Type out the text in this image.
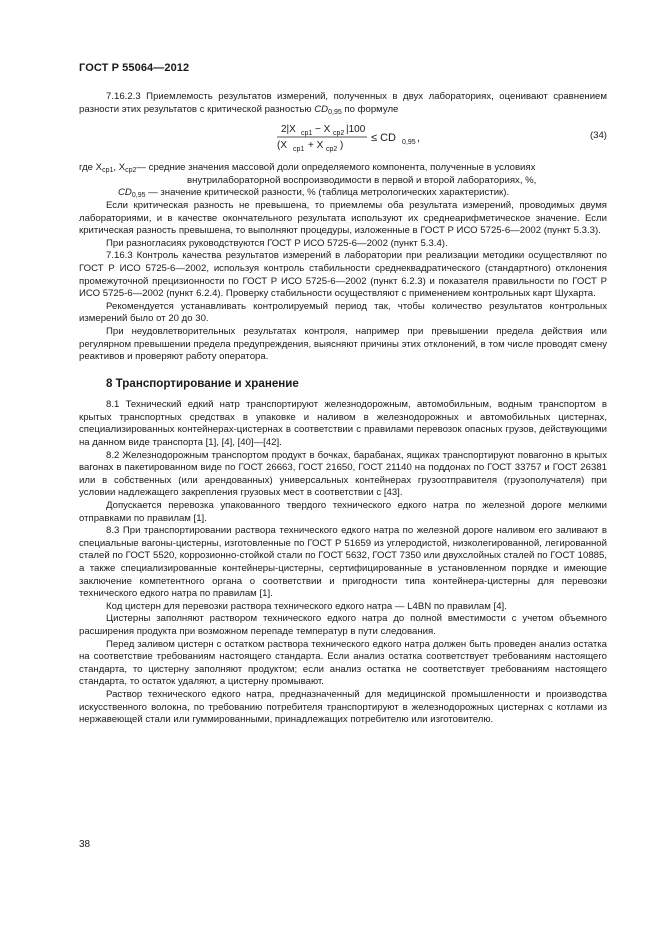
ГОСТ Р 55064—2012

7.16.2.3 Приемлемость результатов измерений, полученных в двух лабораториях, оценивают сравнением разности этих результатов с критической разностью $CD_{0,95}$ по формуле

2|X ср1 − X ср2 |100
(X ср1 + X ср2 )
≤ CD 0,95 ,	(34)
где $X_{ср1}$, $X_{ср2}$ — средние значения массовой доли определяемого компонента, полученные в условиях

внутрилабораторной воспроизводимости в первой и второй лабораториях, %,

$CD_{0,95}$ — значение критической разности, % (таблица метрологических характеристик).

Если критическая разность не превышена, то приемлемы оба результата измерений, проводимых двумя лабораториями, и в качестве окончательного результата используют их среднеарифметическое значение. Если критическая разность превышена, то выполняют процедуры, изложенные в ГОСТ Р ИСО 5725-6—2002 (пункт 5.3.3).

При разногласиях руководствуются ГОСТ Р ИСО 5725-6—2002 (пункт 5.3.4).

7.16.3 Контроль качества результатов измерений в лаборатории при реализации методики осуществляют по ГОСТ Р ИСО 5725-6—2002, используя контроль стабильности среднеквадратического (стандартного) отклонения промежуточной прецизионности по ГОСТ Р ИСО 5725-6—2002 (пункт 6.2.3) и показателя правильности по ГОСТ Р ИСО 5725-6—2002 (пункт 6.2.4). Проверку стабильности осуществляют с применением контрольных карт Шухарта.

Рекомендуется устанавливать контролируемый период так, чтобы количество результатов контрольных измерений было от 20 до 30.

При неудовлетворительных результатах контроля, например при превышении предела действия или регулярном превышении предела предупреждения, выясняют причины этих отклонений, в том числе проводят смену реактивов и проверяют работу оператора.

8 Транспортирование и хранение

8.1 Технический едкий натр транспортируют железнодорожным, автомобильным, водным транспортом в крытых транспортных средствах в упаковке и наливом в железнодорожных и автомобильных цистернах, специализированных контейнерах-цистернах в соответствии с правилами перевозок опасных грузов, действующими на данном виде транспорта [1], [4], [40]—[42].

8.2 Железнодорожным транспортом продукт в бочках, барабанах, ящиках транспортируют повагонно в крытых вагонах в пакетированном виде по ГОСТ 26663, ГОСТ 21650, ГОСТ 21140 на поддонах по ГОСТ 33757 и ГОСТ 26381 или в собственных (или арендованных) универсальных контейнерах грузоотправителя (грузополучателя) при условии надлежащего закрепления грузовых мест в соответствии с [43].

Допускается перевозка упакованного твердого технического едкого натра по железной дороге мелкими отправками по правилам [1].

8.3 При транспортировании раствора технического едкого натра по железной дороге наливом его заливают в специальные вагоны-цистерны, изготовленные по ГОСТ Р 51659 из углеродистой, низколегированной, легированной сталей по ГОСТ 5520, коррозионно-стойкой стали по ГОСТ 5632, ГОСТ 7350 или двухслойных сталей по ГОСТ 10885, а также специализированные контейнеры-цистерны, сертифицированные в установленном порядке и имеющие заключение компетентного органа о соответствии и пригодности типа контейнера-цистерны для перевозки технического едкого натра по правилам [1].

Код цистерн для перевозки раствора технического едкого натра — L4BN по правилам [4].

Цистерны заполняют раствором технического едкого натра до полной вместимости с учетом объемного расширения продукта при возможном перепаде температур в пути следования.

Перед заливом цистерн с остатком раствора технического едкого натра должен быть проведен анализ остатка на соответствие требованиям настоящего стандарта. Если анализ остатка соответствует требованиям настоящего стандарта, то цистерну заполняют продуктом; если анализ остатка не соответствует требованиям настоящего стандарта, то остаток удаляют, а цистерну промывают.

Раствор технического едкого натра, предназначенный для медицинской промышленности и производства искусственного волокна, по требованию потребителя транспортируют в железнодорожных цистернах с котлами из нержавеющей стали или гуммированными, принадлежащих потребителю или изготовителю.

38
